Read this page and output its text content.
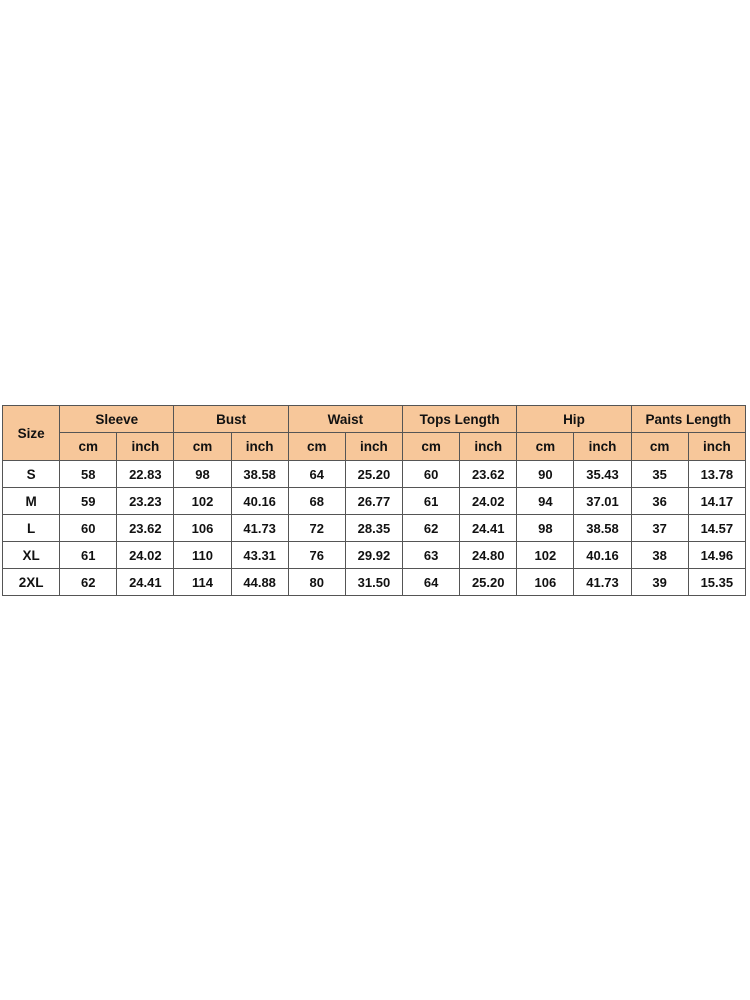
Size	Sleeve		Bust		Waist		Tops Length		Hip		Pants Length	
	cm	inch	cm	inch	cm	inch	cm	inch	cm	inch	cm	inch
S	58	22.83	98	38.58	64	25.20	60	23.62	90	35.43	35	13.78
M	59	23.23	102	40.16	68	26.77	61	24.02	94	37.01	36	14.17
L	60	23.62	106	41.73	72	28.35	62	24.41	98	38.58	37	14.57
XL	61	24.02	110	43.31	76	29.92	63	24.80	102	40.16	38	14.96
2XL	62	24.41	114	44.88	80	31.50	64	25.20	106	41.73	39	15.35
